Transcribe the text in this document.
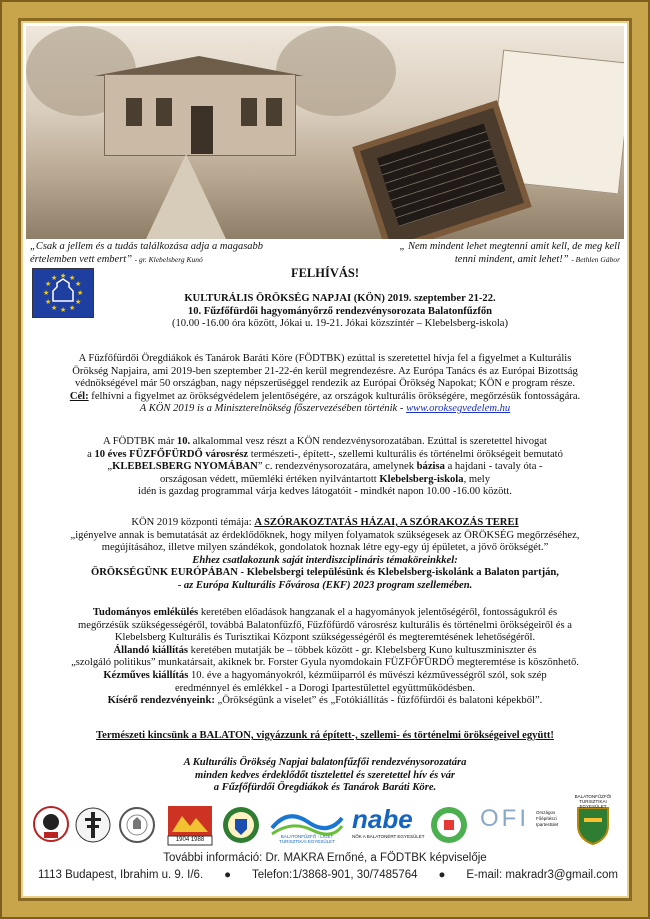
„Csak a jellem és a tudás találkozása adja a magasabb értelemben vett embert” - gr. Klebelsberg Kunó
„ Nem mindent lehet megtenni amit kell, de meg kell tenni mindent, amit lehet!” - Bethlen Gábor
★ ★
★
★
★
★
★
★
★
★
★
★	FELHÍVÁS!
KULTURÁLIS ÖRÖKSÉG NAPJAI (KÖN) 2019. szeptember 21-22.
10. Fűzfőfürdői hagyományőrző rendezvénysorozata Balatonfűzfőn
(10.00 -16.00 óra között, Jókai u. 19-21. Jókai közszíntér – Klebelsberg-iskola)
A Fűzfőfürdői Öregdiákok és Tanárok Baráti Köre (FÖDTBK) ezúttal is szeretettel hívja fel a figyelmet a Kulturális
Örökség Napjaira, ami 2019-ben szeptember 21-22-én kerül megrendezésre. Az Európa Tanács és az Európai Bizottság
védnökségével már 50 országban, nagy népszerűséggel rendezik az Európai Örökség Napokat; KÖN e program része.
Cél: felhívni a figyelmet az örökségvédelem jelentőségére, az országok kulturális örökségére, megőrzésük fontosságára.
A KÖN 2019 is a Miniszterelnökség főszervezésében történik - www.oroksegvedelem.hu
A FÖDTBK már 10. alkalommal vesz részt a KÖN rendezvénysorozatában. Ezúttal is szeretettel hivogat
a 10 éves FÜZFŐFÜRDŐ városrész természeti-, épített-, szellemi kulturális és történelmi örökségeit bemutató
„KLEBELSBERG NYOMÁBAN” c. rendezvénysorozatára, amelynek bázisa a hajdani - tavaly óta -
országosan védett, műemléki értéken nyilvántartott Klebelsberg-iskola, mely
idén is gazdag programmal várja kedves látogatóit - mindkét napon 10.00 -16.00 között.
KÖN 2019 központi témája: A SZÓRAKOZTATÁS HÁZAI, A SZÓRAKOZÁS TEREI
„igényelve annak is bemutatását az érdeklődőknek, hogy milyen folyamatok szükségesek az ÖRÖKSÉG megőrzéséhez,
megújításához, illetve milyen szándékok, gondolatok hoznak létre egy-egy új épületet, a jövő örökségét.”
Ehhez csatlakozunk saját interdiszciplináris témaköreinkkel:
ÖRÖKSÉGÜNK EURÓPÁBAN - Klebelsbergi településünk és Klebelsberg-iskolánk a Balaton partján,
- az Európa Kulturális Fővárosa (EKF) 2023 program szellemében.
Tudományos emlékülés keretében előadások hangzanak el a hagyományok jelentőségéről, fontosságukról és
megőrzésük szükségességéről, továbbá Balatonfűzfő, Fűzfőfürdő városrész kulturális és történelmi örökségeiről és a
Klebelsberg Kulturális és Turisztikai Központ szükségességéről és megteremtésének lehetőségéről.
Állandó kiállítás keretében mutatják be – többek között - gr. Klebelsberg Kuno kultuszminiszter és
„szolgáló politikus” munkatársait, akiknek br. Forster Gyula nyomdokain FÜZFŐFÜRDŐ megteremtése is köszönhető.
Kézműves kiállítás 10. éve a hagyományokról, kézműiparról és művészi kézművességről szól, sok szép
eredménnyel és emlékkel - a Dorogi Ipartestülettel együttműködésben.
Kísérő rendezvényeink: „Örökségünk a viselet” és „Fotókiállítás - fűzfőfürdői és balatoni képekből”.
Természeti kincsünk a BALATON, vigyázzunk rá épített-, szellemi- és történelmi örökségeivel együtt!
A Kulturális Örökség Napjai balatonfűzfői rendezvénysorozatára
minden kedves érdeklődőt tisztelettel és szeretettel hív és vár
a Fűzfőfürdői Öregdiákok és Tanárok Baráti Köre.
1904 1988
BALATONFŰZFŐ - LIGET TURISZTIKAI EGYESÜLET
nabe
NŐK A BALATONÉRT EGYESÜLET
OFI	Országos Főépítészi Ipartestület
BALATONFŰZFŐI TURISZTIKAI EGYESÜLET
További információ: Dr. MAKRA Ernőné, a FÖDTBK képviselője
1113 Budapest, Ibrahim u. 9. I/6. ● Telefon:1/3868-901, 30/7485764 ● E-mail: makradr3@gmail.com
